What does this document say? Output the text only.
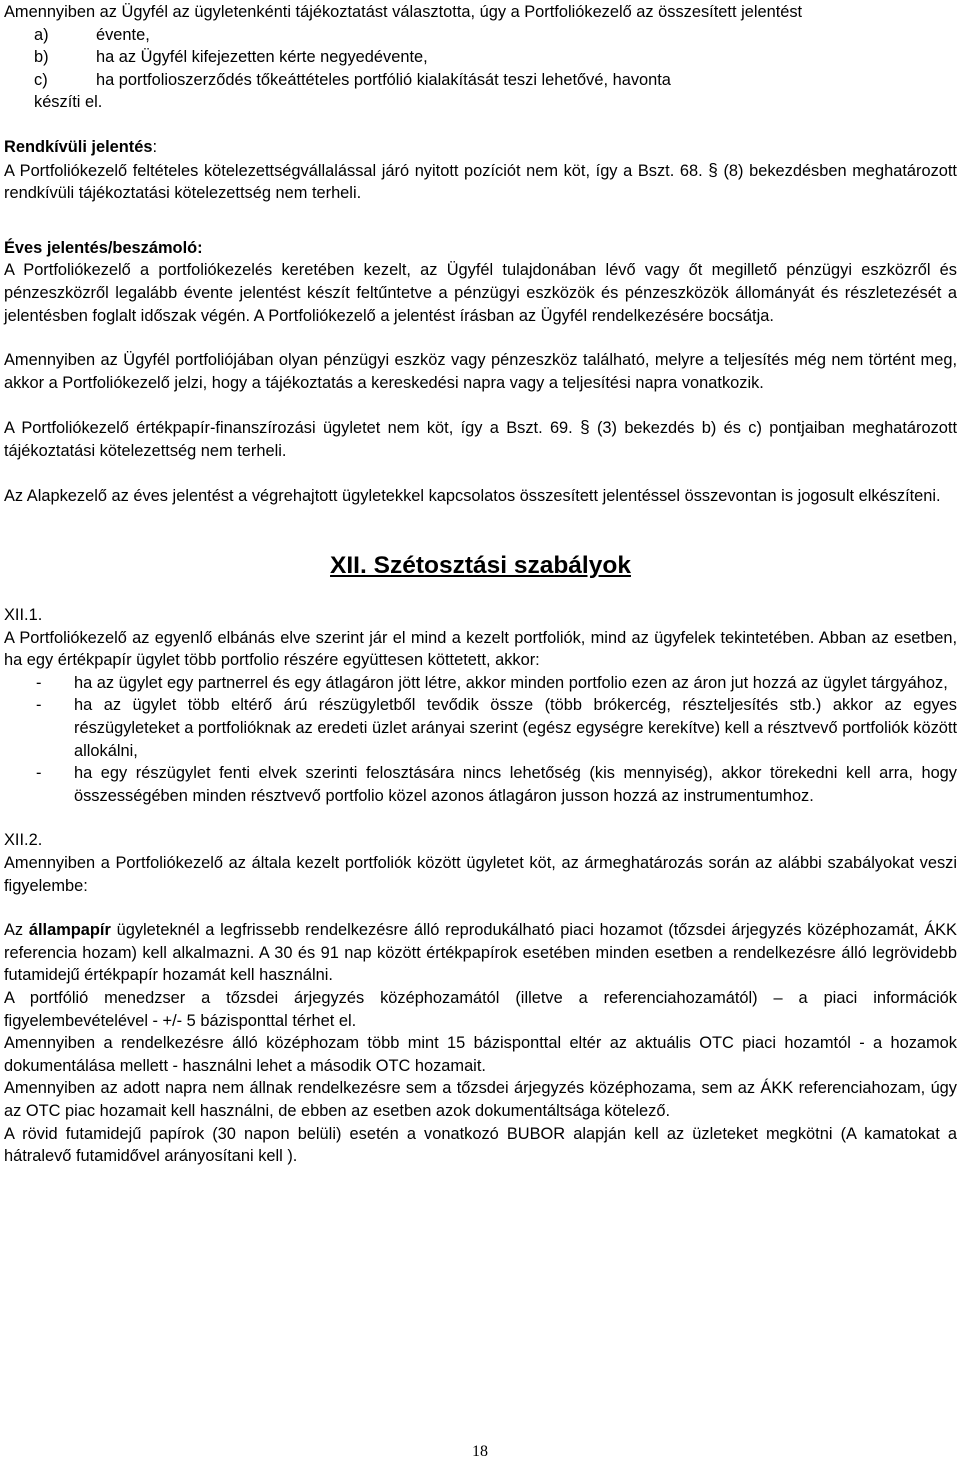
Amennyiben az Ügyfél az ügyletenkénti tájékoztatást választotta, úgy a Portfoliókezelő az összesített jelentést
a)	évente,
b)	ha az Ügyfél kifejezetten kérte negyedévente,
c)	ha portfolioszerződés tőkeáttételes portfólió kialakítását teszi lehetővé, havonta
készíti el.
Rendkívüli jelentés:
A Portfoliókezelő feltételes kötelezettségvállalással járó nyitott pozíciót nem köt, így a Bszt. 68. § (8) bekezdésben meghatározott rendkívüli tájékoztatási kötelezettség nem terheli.
Éves jelentés/beszámoló:
A Portfoliókezelő a portfoliókezelés keretében kezelt, az Ügyfél tulajdonában lévő vagy őt megillető pénzügyi eszközről és pénzeszközről legalább évente jelentést készít feltűntetve a pénzügyi eszközök és pénzeszközök állományát és részletezését a jelentésben foglalt időszak végén. A Portfoliókezelő a jelentést írásban az Ügyfél rendelkezésére bocsátja.
Amennyiben az Ügyfél portfoliójában olyan pénzügyi eszköz vagy pénzeszköz található, melyre a teljesítés még nem történt meg, akkor a Portfoliókezelő jelzi, hogy a tájékoztatás a kereskedési napra vagy a teljesítési napra vonatkozik.
A Portfoliókezelő értékpapír-finanszírozási ügyletet nem köt, így a Bszt. 69. § (3) bekezdés b) és c) pontjaiban meghatározott tájékoztatási kötelezettség nem terheli.
Az Alapkezelő az éves jelentést a végrehajtott ügyletekkel kapcsolatos összesített jelentéssel összevontan is jogosult elkészíteni.
XII. Szétosztási szabályok
XII.1.
A Portfoliókezelő az egyenlő elbánás elve szerint jár el mind a kezelt portfoliók, mind az ügyfelek tekintetében. Abban az esetben, ha egy értékpapír ügylet több portfolio részére együttesen köttetett, akkor:
- ha az ügylet egy partnerrel és egy átlagáron jött létre, akkor minden portfolio ezen az áron jut hozzá az ügylet tárgyához,
- ha az ügylet több eltérő árú részügyletből tevődik össze (több brókercég, részteljesítés stb.) akkor az egyes részügyleteket a portfolióknak az eredeti üzlet arányai szerint (egész egységre kerekítve) kell a résztvevő portfoliók között allokálni,
- ha egy részügylet fenti elvek szerinti felosztására nincs lehetőség (kis mennyiség), akkor törekedni kell arra, hogy összességében minden résztvevő portfolio közel azonos átlagáron jusson hozzá az instrumentumhoz.
XII.2.
Amennyiben a Portfoliókezelő az általa kezelt portfoliók között ügyletet köt, az ármeghatározás során az alábbi szabályokat veszi figyelembe:
Az állampapír ügyleteknél a legfrissebb rendelkezésre álló reprodukálható piaci hozamot (tőzsdei árjegyzés középhozamát, ÁKK referencia hozam) kell alkalmazni. A 30 és 91 nap között értékpapírok esetében minden esetben a rendelkezésre álló legrövidebb futamidejű értékpapír hozamát kell használni.
A portfólió menedzser a tőzsdei árjegyzés középhozamától (illetve a referenciahozamától) – a piaci információk figyelembevételével - +/- 5 bázisponttal térhet el.
Amennyiben a rendelkezésre álló középhozam több mint 15 bázisponttal eltér az aktuális OTC piaci hozamtól - a hozamok dokumentálása mellett - használni lehet a második OTC hozamait.
Amennyiben az adott napra nem állnak rendelkezésre sem a tőzsdei árjegyzés középhozama, sem az ÁKK referenciahozam, úgy az OTC piac hozamait kell használni, de ebben az esetben azok dokumentáltsága kötelező.
A rövid futamidejű papírok (30 napon belüli) esetén a vonatkozó BUBOR alapján kell az üzleteket megkötni (A kamatokat a hátralevő futamidővel arányosítani kell ).
18
